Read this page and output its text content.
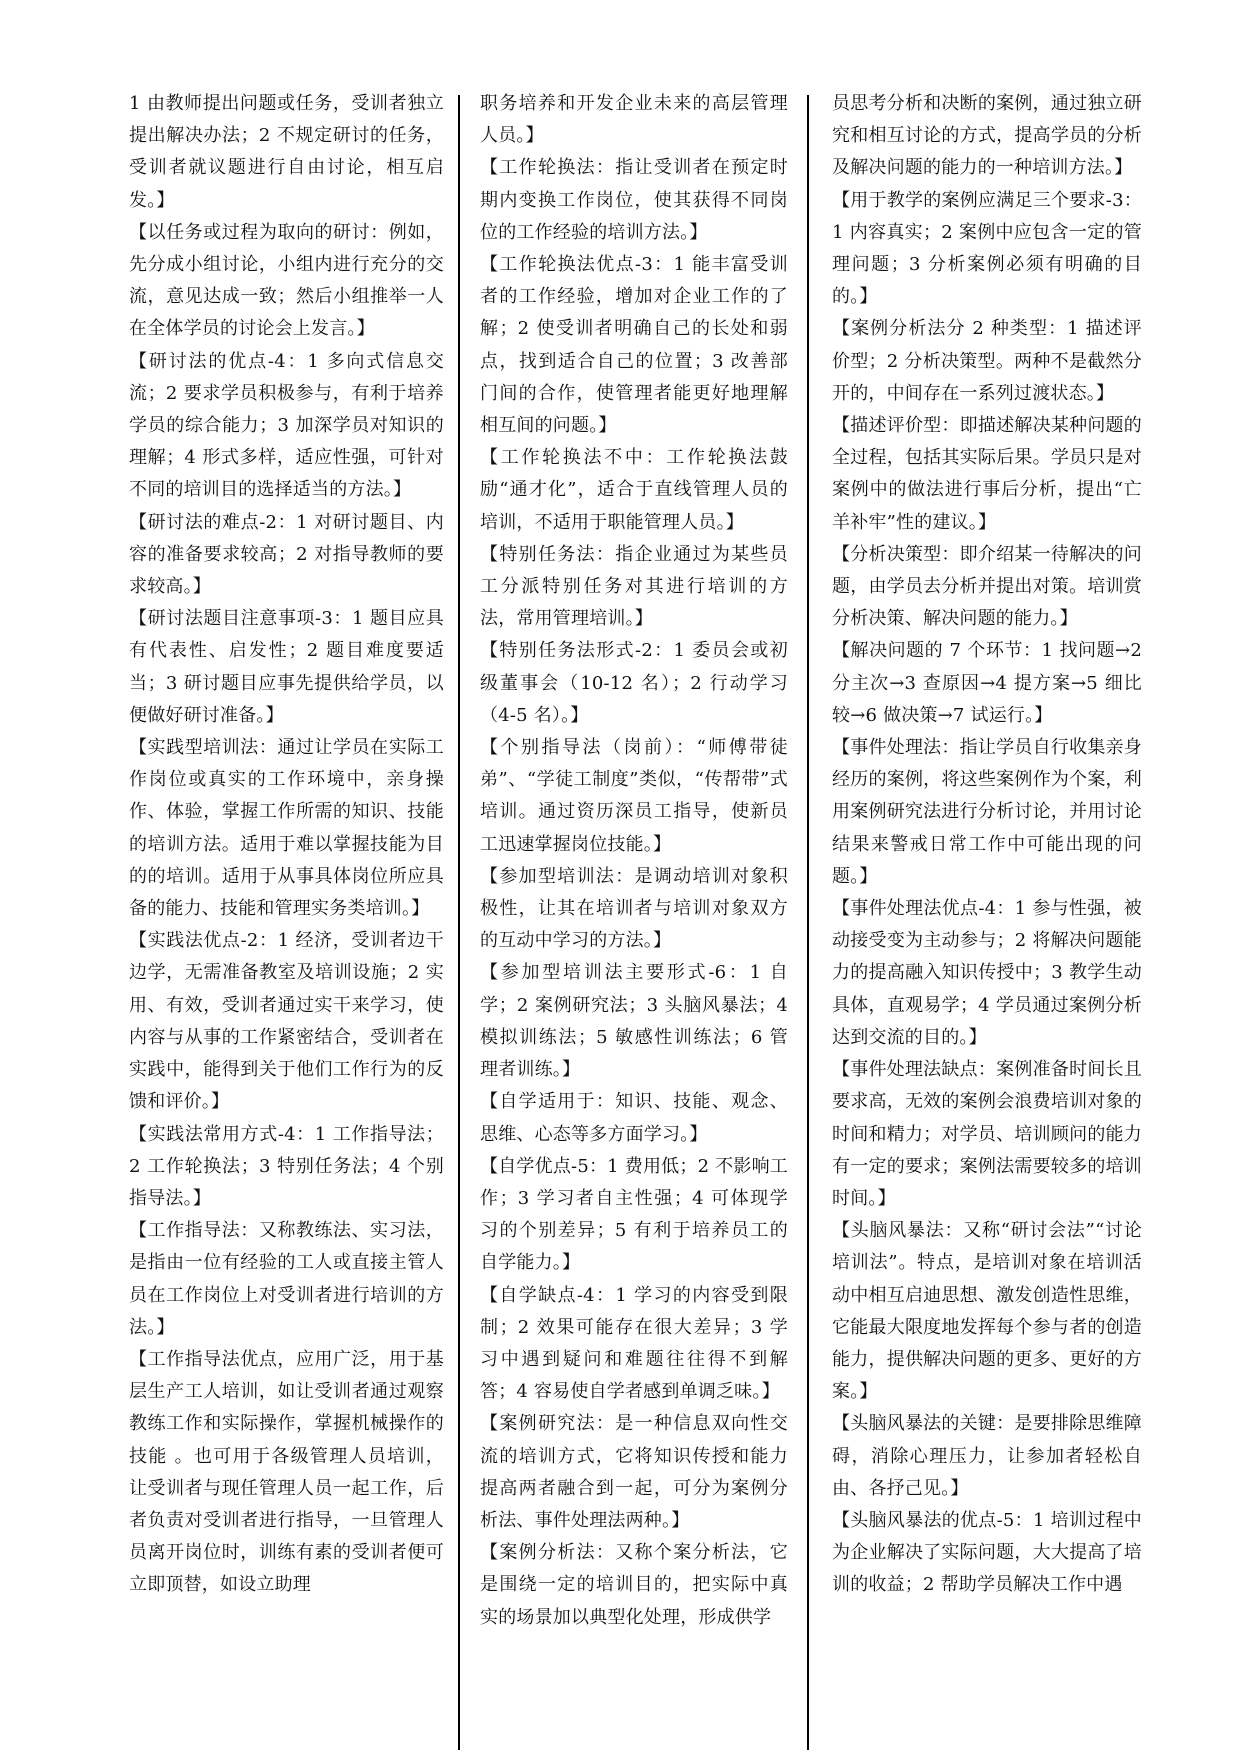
1 由教师提出问题或任务，受训者独立提出解决办法；2 不规定研讨的任务，受训者就议题进行自由讨论，相互启发。】

【以任务或过程为取向的研讨：例如，先分成小组讨论，小组内进行充分的交流，意见达成一致；然后小组推举一人在全体学员的讨论会上发言。】

【研讨法的优点-4：1 多向式信息交流；2 要求学员积极参与，有利于培养学员的综合能力；3 加深学员对知识的理解；4 形式多样，适应性强，可针对不同的培训目的选择适当的方法。】

【研讨法的难点-2：1 对研讨题目、内容的准备要求较高；2 对指导教师的要求较高。】

【研讨法题目注意事项-3：1 题目应具有代表性、启发性；2 题目难度要适当；3 研讨题目应事先提供给学员，以便做好研讨准备。】

【实践型培训法：通过让学员在实际工作岗位或真实的工作环境中，亲身操作、体验，掌握工作所需的知识、技能的培训方法。适用于难以掌握技能为目的的培训。适用于从事具体岗位所应具备的能力、技能和管理实务类培训。】

【实践法优点-2：1 经济，受训者边干边学，无需准备教室及培训设施；2 实用、有效，受训者通过实干来学习，使内容与从事的工作紧密结合，受训者在实践中，能得到关于他们工作行为的反馈和评价。】

【实践法常用方式-4：1 工作指导法；2 工作轮换法；3 特别任务法；4 个别指导法。】

【工作指导法：又称教练法、实习法，是指由一位有经验的工人或直接主管人员在工作岗位上对受训者进行培训的方法。】

【工作指导法优点，应用广泛，用于基层生产工人培训，如让受训者通过观察教练工作和实际操作，掌握机械操作的技能 。也可用于各级管理人员培训，让受训者与现任管理人员一起工作，后者负责对受训者进行指导，一旦管理人员离开岗位时，训练有素的受训者便可立即顶替，如设立助理

职务培养和开发企业未来的高层管理人员。】

【工作轮换法：指让受训者在预定时期内变换工作岗位，使其获得不同岗位的工作经验的培训方法。】

【工作轮换法优点-3：1 能丰富受训者的工作经验，增加对企业工作的了解；2 使受训者明确自己的长处和弱点，找到适合自己的位置；3 改善部门间的合作，使管理者能更好地理解相互间的问题。】

【工作轮换法不中：工作轮换法鼓励“通才化”，适合于直线管理人员的培训，不适用于职能管理人员。】

【特别任务法：指企业通过为某些员工分派特别任务对其进行培训的方法，常用管理培训。】

【特别任务法形式-2：1 委员会或初级董事会（10-12 名）；2 行动学习（4-5 名）。】

【个别指导法（岗前）：“师傅带徒弟”、“学徒工制度”类似，“传帮带”式培训。通过资历深员工指导，使新员工迅速掌握岗位技能。】

【参加型培训法：是调动培训对象积极性，让其在培训者与培训对象双方的互动中学习的方法。】

【参加型培训法主要形式-6：1 自学；2 案例研究法；3 头脑风暴法；4 模拟训练法；5 敏感性训练法；6 管理者训练。】

【自学适用于：知识、技能、观念、思维、心态等多方面学习。】

【自学优点-5：1 费用低；2 不影响工作；3 学习者自主性强；4 可体现学习的个别差异；5 有利于培养员工的自学能力。】

【自学缺点-4：1 学习的内容受到限制；2 效果可能存在很大差异；3 学习中遇到疑问和难题往往得不到解答；4 容易使自学者感到单调乏味。】

【案例研究法：是一种信息双向性交流的培训方式，它将知识传授和能力提高两者融合到一起，可分为案例分析法、事件处理法两种。】

【案例分析法：又称个案分析法，它是围绕一定的培训目的，把实际中真实的场景加以典型化处理，形成供学

员思考分析和决断的案例，通过独立研究和相互讨论的方式，提高学员的分析及解决问题的能力的一种培训方法。】

【用于教学的案例应满足三个要求-3：1 内容真实；2 案例中应包含一定的管理问题；3 分析案例必须有明确的目的。】

【案例分析法分 2 种类型：1 描述评价型；2 分析决策型。两种不是截然分开的，中间存在一系列过渡状态。】

【描述评价型：即描述解决某种问题的全过程，包括其实际后果。学员只是对案例中的做法进行事后分析，提出“亡羊补牢”性的建议。】

【分析决策型：即介绍某一待解决的问题，由学员去分析并提出对策。培训赏分析决策、解决问题的能力。】

【解决问题的 7 个环节：1 找问题→2 分主次→3 查原因→4 提方案→5 细比较→6 做决策→7 试运行。】

【事件处理法：指让学员自行收集亲身经历的案例，将这些案例作为个案，利用案例研究法进行分析讨论，并用讨论结果来警戒日常工作中可能出现的问题。】

【事件处理法优点-4：1 参与性强，被动接受变为主动参与；2 将解决问题能力的提高融入知识传授中；3 教学生动具体，直观易学；4 学员通过案例分析达到交流的目的。】

【事件处理法缺点：案例准备时间长且要求高，无效的案例会浪费培训对象的时间和精力；对学员、培训顾问的能力有一定的要求；案例法需要较多的培训时间。】

【头脑风暴法：又称“研讨会法”“讨论培训法”。特点，是培训对象在培训活动中相互启迪思想、激发创造性思维，它能最大限度地发挥每个参与者的创造能力，提供解决问题的更多、更好的方案。】

【头脑风暴法的关键：是要排除思维障碍，消除心理压力，让参加者轻松自由、各抒己见。】

【头脑风暴法的优点-5：1 培训过程中为企业解决了实际问题，大大提高了培训的收益；2 帮助学员解决工作中遇
